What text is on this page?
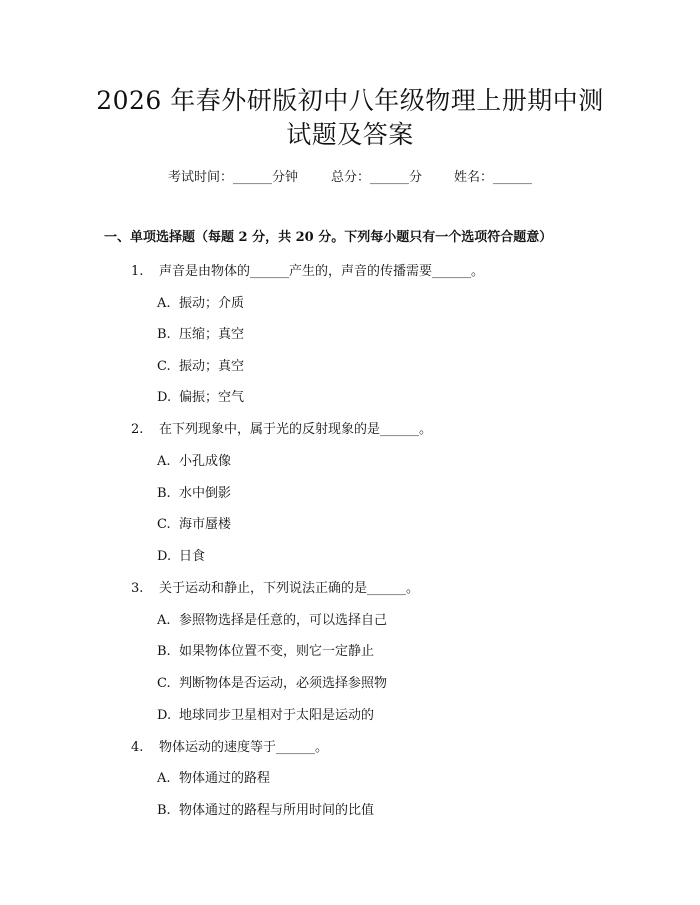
2026 年春外研版初中八年级物理上册期中测
试题及答案
考试时间：______分钟	总分：______分 姓名：______
一、单项选择题（每题 2 分，共 20 分。下列每小题只有一个选项符合题意）
1. 声音是由物体的______产生的，声音的传播需要______。
A. 振动；介质
B. 压缩；真空
C. 振动；真空
D. 偏振；空气
2. 在下列现象中，属于光的反射现象的是______。
A. 小孔成像
B. 水中倒影
C. 海市蜃楼
D. 日食
3. 关于运动和静止，下列说法正确的是______。
A. 参照物选择是任意的，可以选择自己
B. 如果物体位置不变，则它一定静止
C. 判断物体是否运动，必须选择参照物
D. 地球同步卫星相对于太阳是运动的
4. 物体运动的速度等于______。
A. 物体通过的路程
B. 物体通过的路程与所用时间的比值
